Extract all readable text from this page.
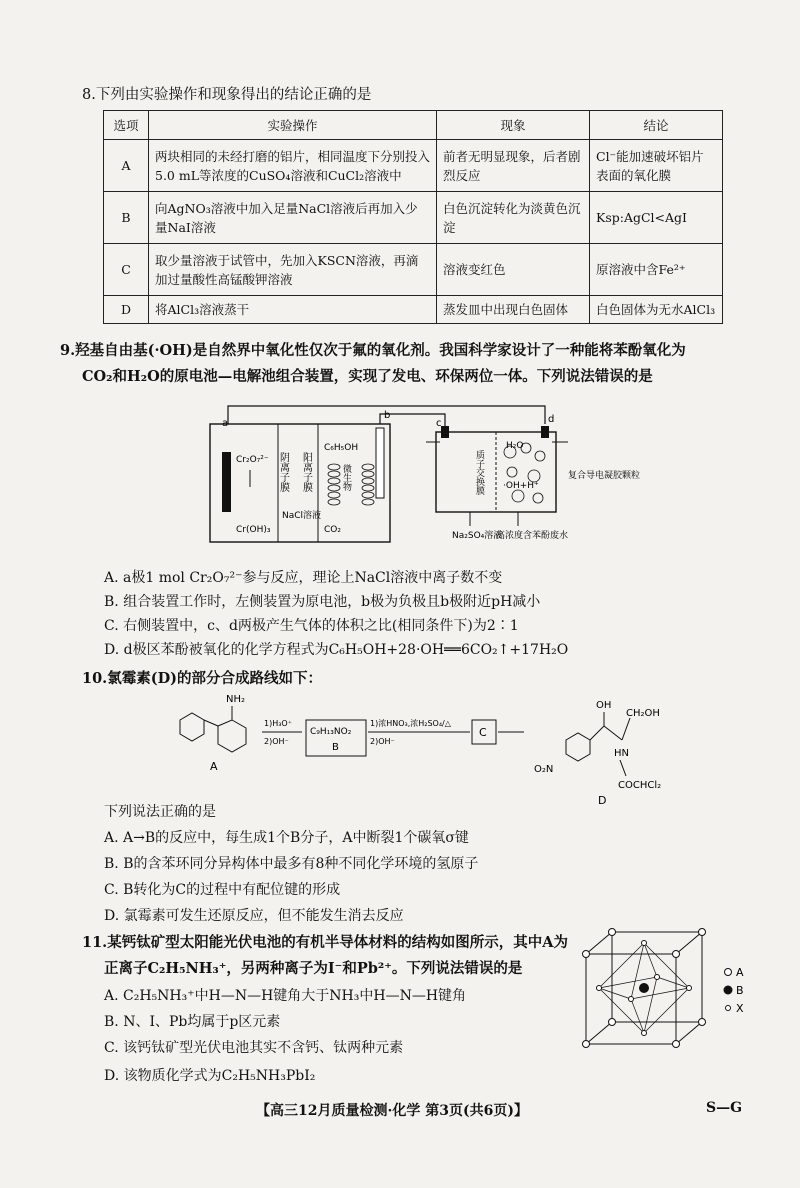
8.下列由实验操作和现象得出的结论正确的是
选项	实验操作	现象	结论
A	两块相同的未经打磨的铝片，相同温度下分别投入5.0 mL等浓度的CuSO₄溶液和CuCl₂溶液中	前者无明显现象，后者剧烈反应	Cl⁻能加速破坏铝片表面的氧化膜
B	向AgNO₃溶液中加入足量NaCl溶液后再加入少量NaI溶液	白色沉淀转化为淡黄色沉淀	Ksp:AgCl<AgI
C	取少量溶液于试管中，先加入KSCN溶液，再滴加过量酸性高锰酸钾溶液	溶液变红色	原溶液中含Fe²⁺
D	将AlCl₃溶液蒸干	蒸发皿中出现白色固体	白色固体为无水AlCl₃
9.羟基自由基(·OH)是自然界中氧化性仅次于氟的氧化剂。我国科学家设计了一种能将苯酚氧化为
CO₂和H₂O的原电池—电解池组合装置，实现了发电、环保两位一体。下列说法错误的是
a
b
c	d
Cr₂O₇²⁻
Cr(OH)₃
阴离子膜 阳离子膜
NaCl溶液
C₆H₅OH
微生物
CO₂
质子交换膜
H₂O
·OH+H⁺
复合导电凝胶颗粒
Na₂SO₄溶液
高浓度含苯酚废水
A. a极1 mol Cr₂O₇²⁻参与反应，理论上NaCl溶液中离子数不变
B. 组合装置工作时，左侧装置为原电池，b极为负极且b极附近pH减小
C. 右侧装置中，c、d两极产生气体的体积之比(相同条件下)为2∶1
D. d极区苯酚被氧化的化学方程式为C₆H₅OH+28·OH══6CO₂↑+17H₂O
10.氯霉素(D)的部分合成路线如下：
NH₂
A
1)H₃O⁺
2)OH⁻
C₉H₁₃NO₂
B
1)浓HNO₃,浓H₂SO₄/△
2)OH⁻
C
OH
CH₂OH
O₂N
HN
COCHCl₂
D
下列说法正确的是
A. A→B的反应中，每生成1个B分子，A中断裂1个碳氧σ键
B. B的含苯环同分异构体中最多有8种不同化学环境的氢原子
C. B转化为C的过程中有配位键的形成
D. 氯霉素可发生还原反应，但不能发生消去反应
11.某钙钛矿型太阳能光伏电池的有机半导体材料的结构如图所示，其中A为
正离子C₂H₅NH₃⁺，另两种离子为I⁻和Pb²⁺。下列说法错误的是
A. C₂H₅NH₃⁺中H—N—H键角大于NH₃中H—N—H键角
B. N、I、Pb均属于p区元素
C. 该钙钛矿型光伏电池其实不含钙、钛两种元素
D. 该物质化学式为C₂H₅NH₃PbI₂
A
B
X
【高三12月质量检测·化学 第3页(共6页)】	S—G
